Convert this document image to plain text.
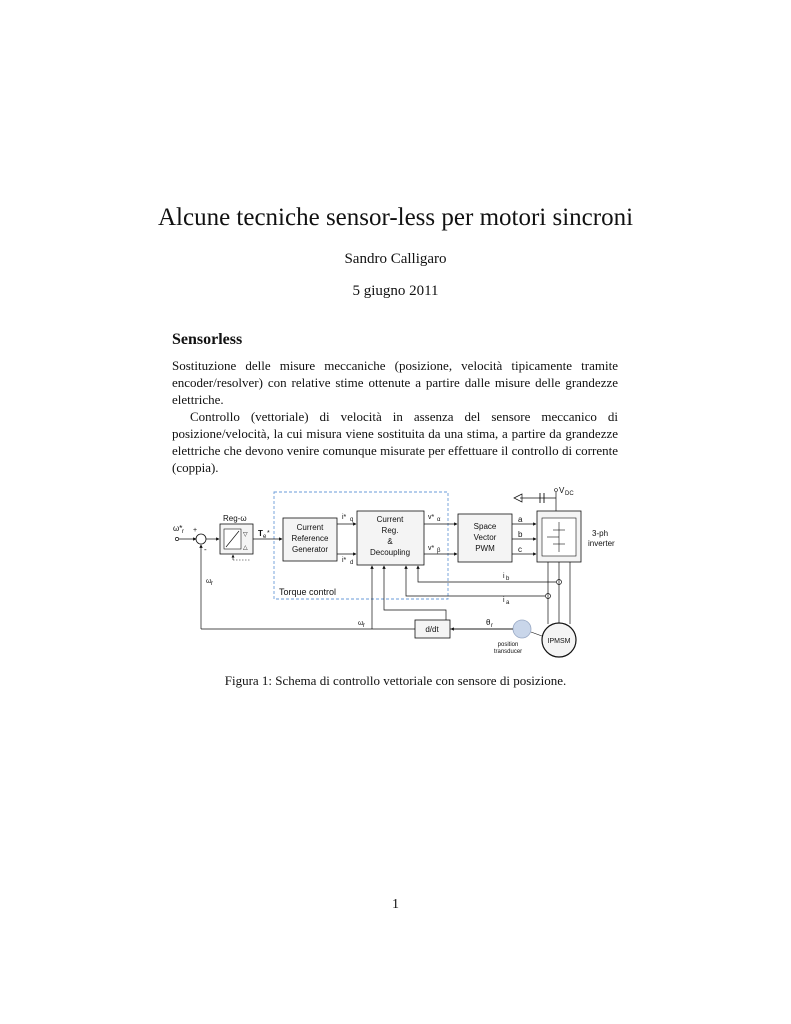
Alcune tecniche sensor-less per motori sincroni
Sandro Calligaro
5 giugno 2011
Sensorless

Sostituzione delle misure meccaniche (posizione, velocità tipicamente tramite encoder/resolver) con relative stime ottenute a partire dalle misure delle grandezze elettriche.

Controllo (vettoriale) di velocità in assenza del sensore meccanico di posizione/velocità, la cui misura viene sostituita da una stima, a partire da grandezze elettriche che devono venire comunque misurate per effettuare il controllo di corrente (coppia).

Torque control
ω* r +
-
Reg-ω
▽
△
T e *
Current
Reference
Generator
i* q
i* d
Current
Reg.
&
Decoupling
v* α
v* β
Space
Vector
PWM
a
b
c
V DC
3-ph
inverter
i b
i a
IPMSM
position
transducer
θ r
d/dt
ω r
ω r
Figura 1: Schema di controllo vettoriale con sensore di posizione.
1
